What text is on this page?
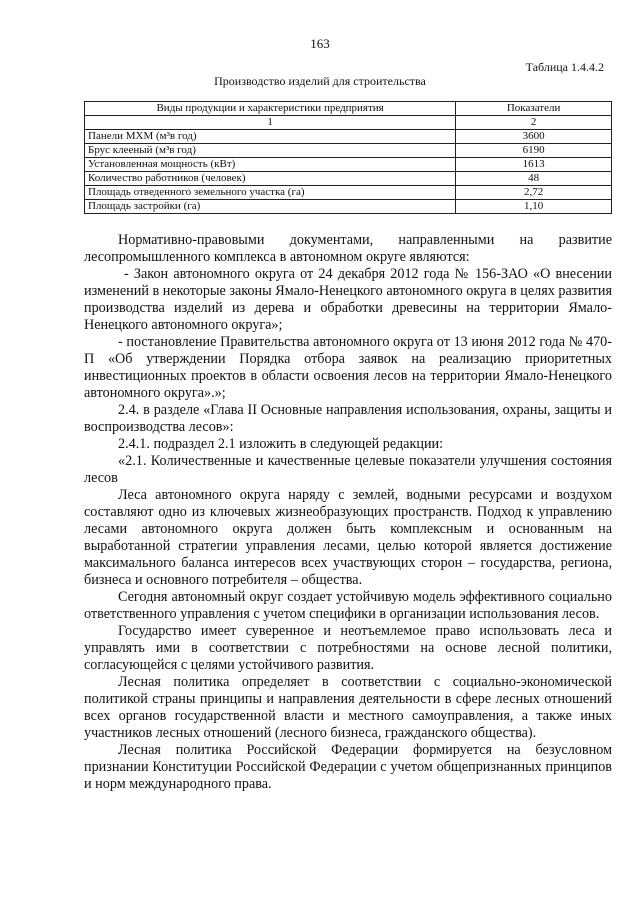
163
Таблица 1.4.4.2
Производство изделий для строительства
Виды продукции и характеристики предприятия	Показатели
1	2
Панели МХМ (м³в год)	3600
Брус клееный (м³в год)	6190
Установленная мощность (кВт)	1613
Количество работников (человек)	48
Площадь отведенного земельного участка (га)	2,72
Площадь застройки (га)	1,10

Нормативно-правовыми документами, направленными на развитие лесопромышленного комплекса в автономном округе являются:

- Закон автономного округа от 24 декабря 2012 года № 156-ЗАО «О внесении изменений в некоторые законы Ямало-Ненецкого автономного округа в целях развития производства изделий из дерева и обработки древесины на территории Ямало-Ненецкого автономного округа»;

- постановление Правительства автономного округа от 13 июня 2012 года № 470-П «Об утверждении Порядка отбора заявок на реализацию приоритетных инвестиционных проектов в области освоения лесов на территории Ямало-Ненецкого автономного округа».»;

2.4. в разделе «Глава II Основные направления использования, охраны, защиты и воспроизводства лесов»:

2.4.1. подраздел 2.1 изложить в следующей редакции:

«2.1. Количественные и качественные целевые показатели улучшения состояния лесов

Леса автономного округа наряду с землей, водными ресурсами и воздухом составляют одно из ключевых жизнеобразующих пространств. Подход к управлению лесами автономного округа должен быть комплексным и основанным на выработанной стратегии управления лесами, целью которой является достижение максимального баланса интересов всех участвующих сторон – государства, региона, бизнеса и основного потребителя – общества.

Сегодня автономный округ создает устойчивую модель эффективного социально ответственного управления с учетом специфики в организации использования лесов.

Государство имеет суверенное и неотъемлемое право использовать леса и управлять ими в соответствии с потребностями на основе лесной политики, согласующейся с целями устойчивого развития.

Лесная политика определяет в соответствии с социально-экономической политикой страны принципы и направления деятельности в сфере лесных отношений всех органов государственной власти и местного самоуправления, а также иных участников лесных отношений (лесного бизнеса, гражданского общества).

Лесная политика Российской Федерации формируется на безусловном признании Конституции Российской Федерации с учетом общепризнанных принципов и норм международного права.
